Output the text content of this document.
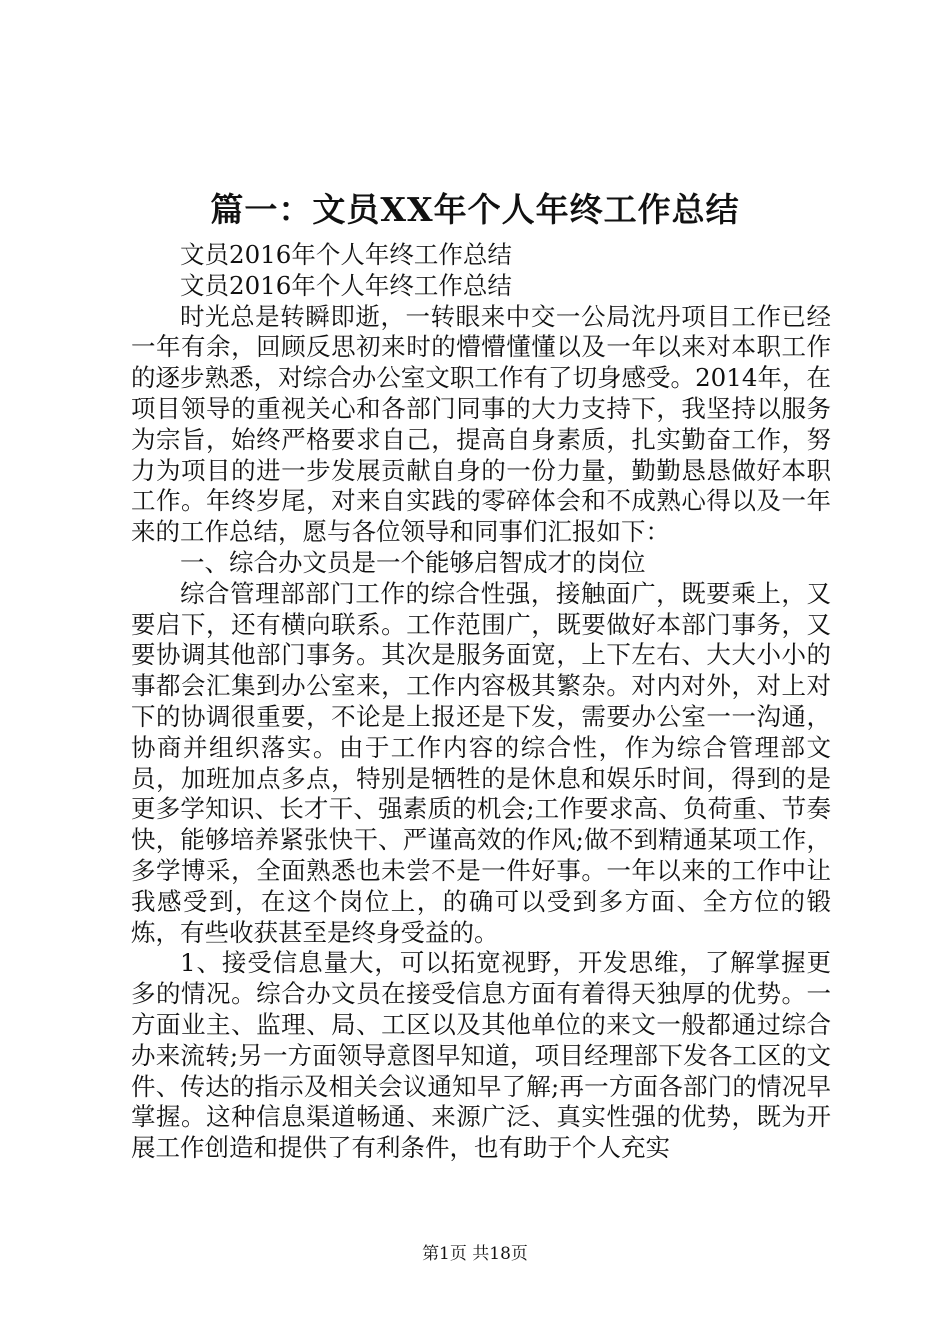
篇一：文员XX年个人年终工作总结

文员2016年个人年终工作总结

文员2016年个人年终工作总结

时光总是转瞬即逝，一转眼来中交一公局沈丹项目工作已经一年有余，回顾反思初来时的懵懵懂懂以及一年以来对本职工作的逐步熟悉，对综合办公室文职工作有了切身感受。2014年，在项目领导的重视关心和各部门同事的大力支持下，我坚持以服务为宗旨，始终严格要求自己，提高自身素质，扎实勤奋工作，努力为项目的进一步发展贡献自身的一份力量，勤勤恳恳做好本职工作。年终岁尾，对来自实践的零碎体会和不成熟心得以及一年来的工作总结，愿与各位领导和同事们汇报如下：

一、综合办文员是一个能够启智成才的岗位

综合管理部部门工作的综合性强，接触面广，既要乘上，又要启下，还有横向联系。工作范围广，既要做好本部门事务，又要协调其他部门事务。其次是服务面宽，上下左右、大大小小的事都会汇集到办公室来，工作内容极其繁杂。对内对外，对上对下的协调很重要，不论是上报还是下发，需要办公室一一沟通，协商并组织落实。由于工作内容的综合性，作为综合管理部文员，加班加点多点，特别是牺牲的是休息和娱乐时间，得到的是更多学知识、长才干、强素质的机会;工作要求高、负荷重、节奏快，能够培养紧张快干、严谨高效的作风;做不到精通某项工作，多学博采，全面熟悉也未尝不是一件好事。一年以来的工作中让我感受到，在这个岗位上，的确可以受到多方面、全方位的锻炼，有些收获甚至是终身受益的。

1、接受信息量大，可以拓宽视野，开发思维，了解掌握更多的情况。综合办文员在接受信息方面有着得天独厚的优势。一方面业主、监理、局、工区以及其他单位的来文一般都通过综合办来流转;另一方面领导意图早知道，项目经理部下发各工区的文件、传达的指示及相关会议通知早了解;再一方面各部门的情况早掌握。这种信息渠道畅通、来源广泛、真实性强的优势，既为开展工作创造和提供了有利条件，也有助于个人充实

第1页 共18页
